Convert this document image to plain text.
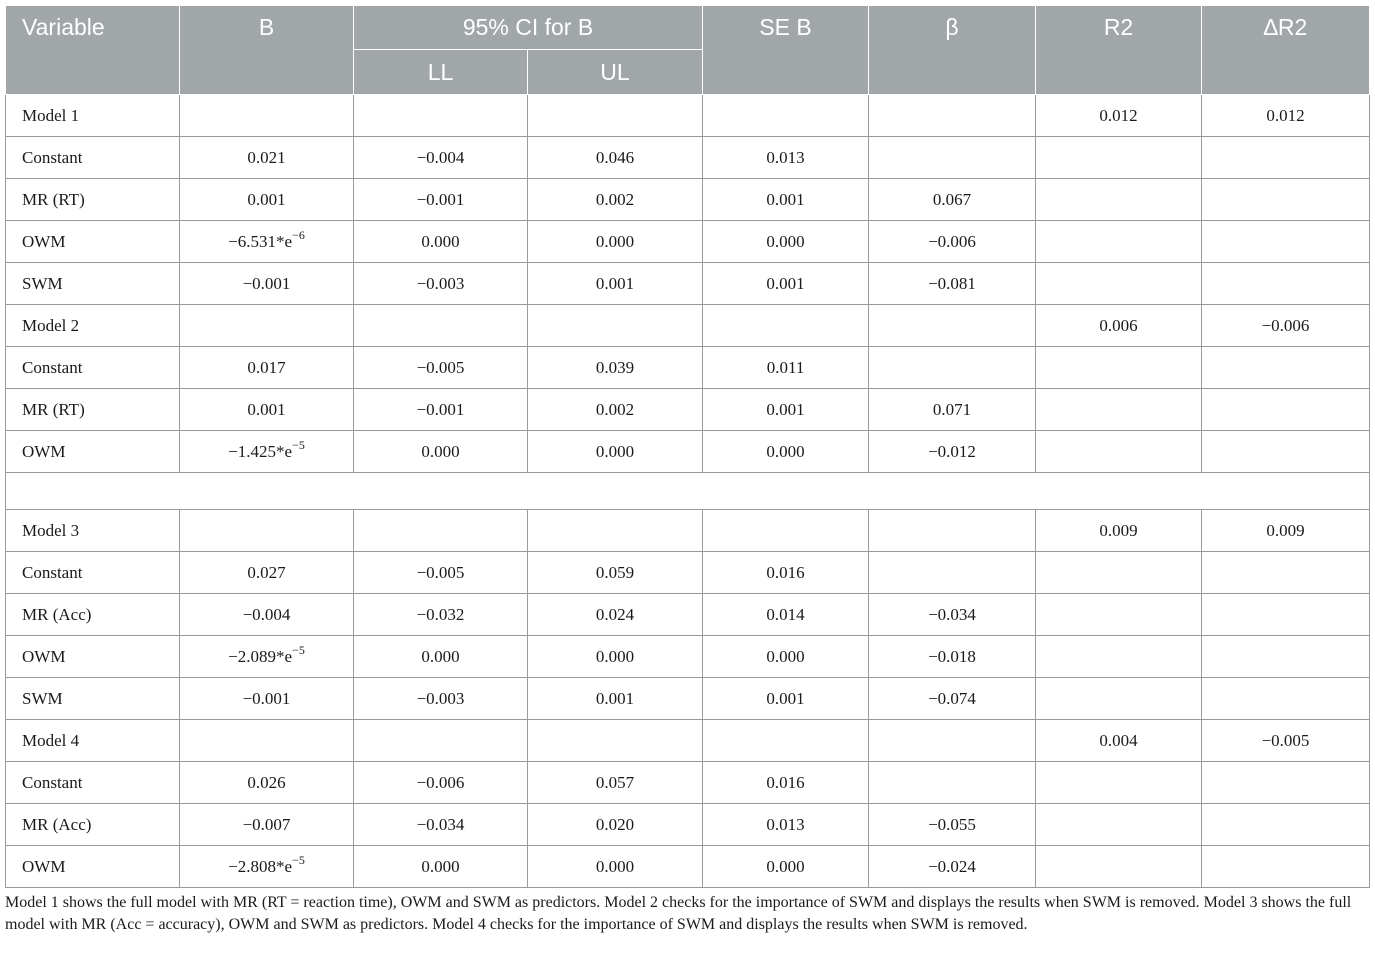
Variable	B	95% CI for B		SE B	β	R2	∆R2
		LL	UL				
Model 1						0.012	0.012
Constant	0.021	−0.004	0.046	0.013			
MR (RT)	0.001	−0.001	0.002	0.001	0.067		
OWM	$-6.531*e^{-6}$	0.000	0.000	0.000	−0.006		
SWM	−0.001	−0.003	0.001	0.001	−0.081		
Model 2						0.006	−0.006
Constant	0.017	−0.005	0.039	0.011			
MR (RT)	0.001	−0.001	0.002	0.001	0.071		
OWM	$-1.425*e^{-5}$	0.000	0.000	0.000	−0.012		

Model 3						0.009	0.009
Constant	0.027	−0.005	0.059	0.016			
MR (Acc)	−0.004	−0.032	0.024	0.014	−0.034		
OWM	$-2.089*e^{-5}$	0.000	0.000	0.000	−0.018		
SWM	−0.001	−0.003	0.001	0.001	−0.074		
Model 4						0.004	−0.005
Constant	0.026	−0.006	0.057	0.016			
MR (Acc)	−0.007	−0.034	0.020	0.013	−0.055		
OWM	$-2.808*e^{-5}$	0.000	0.000	0.000	−0.024		
Model 1 shows the full model with MR (RT = reaction time), OWM and SWM as predictors. Model 2 checks for the importance of SWM and displays the results when SWM is removed. Model 3 shows the full model with MR (Acc = accuracy), OWM and SWM as predictors. Model 4 checks for the importance of SWM and displays the results when SWM is removed.
